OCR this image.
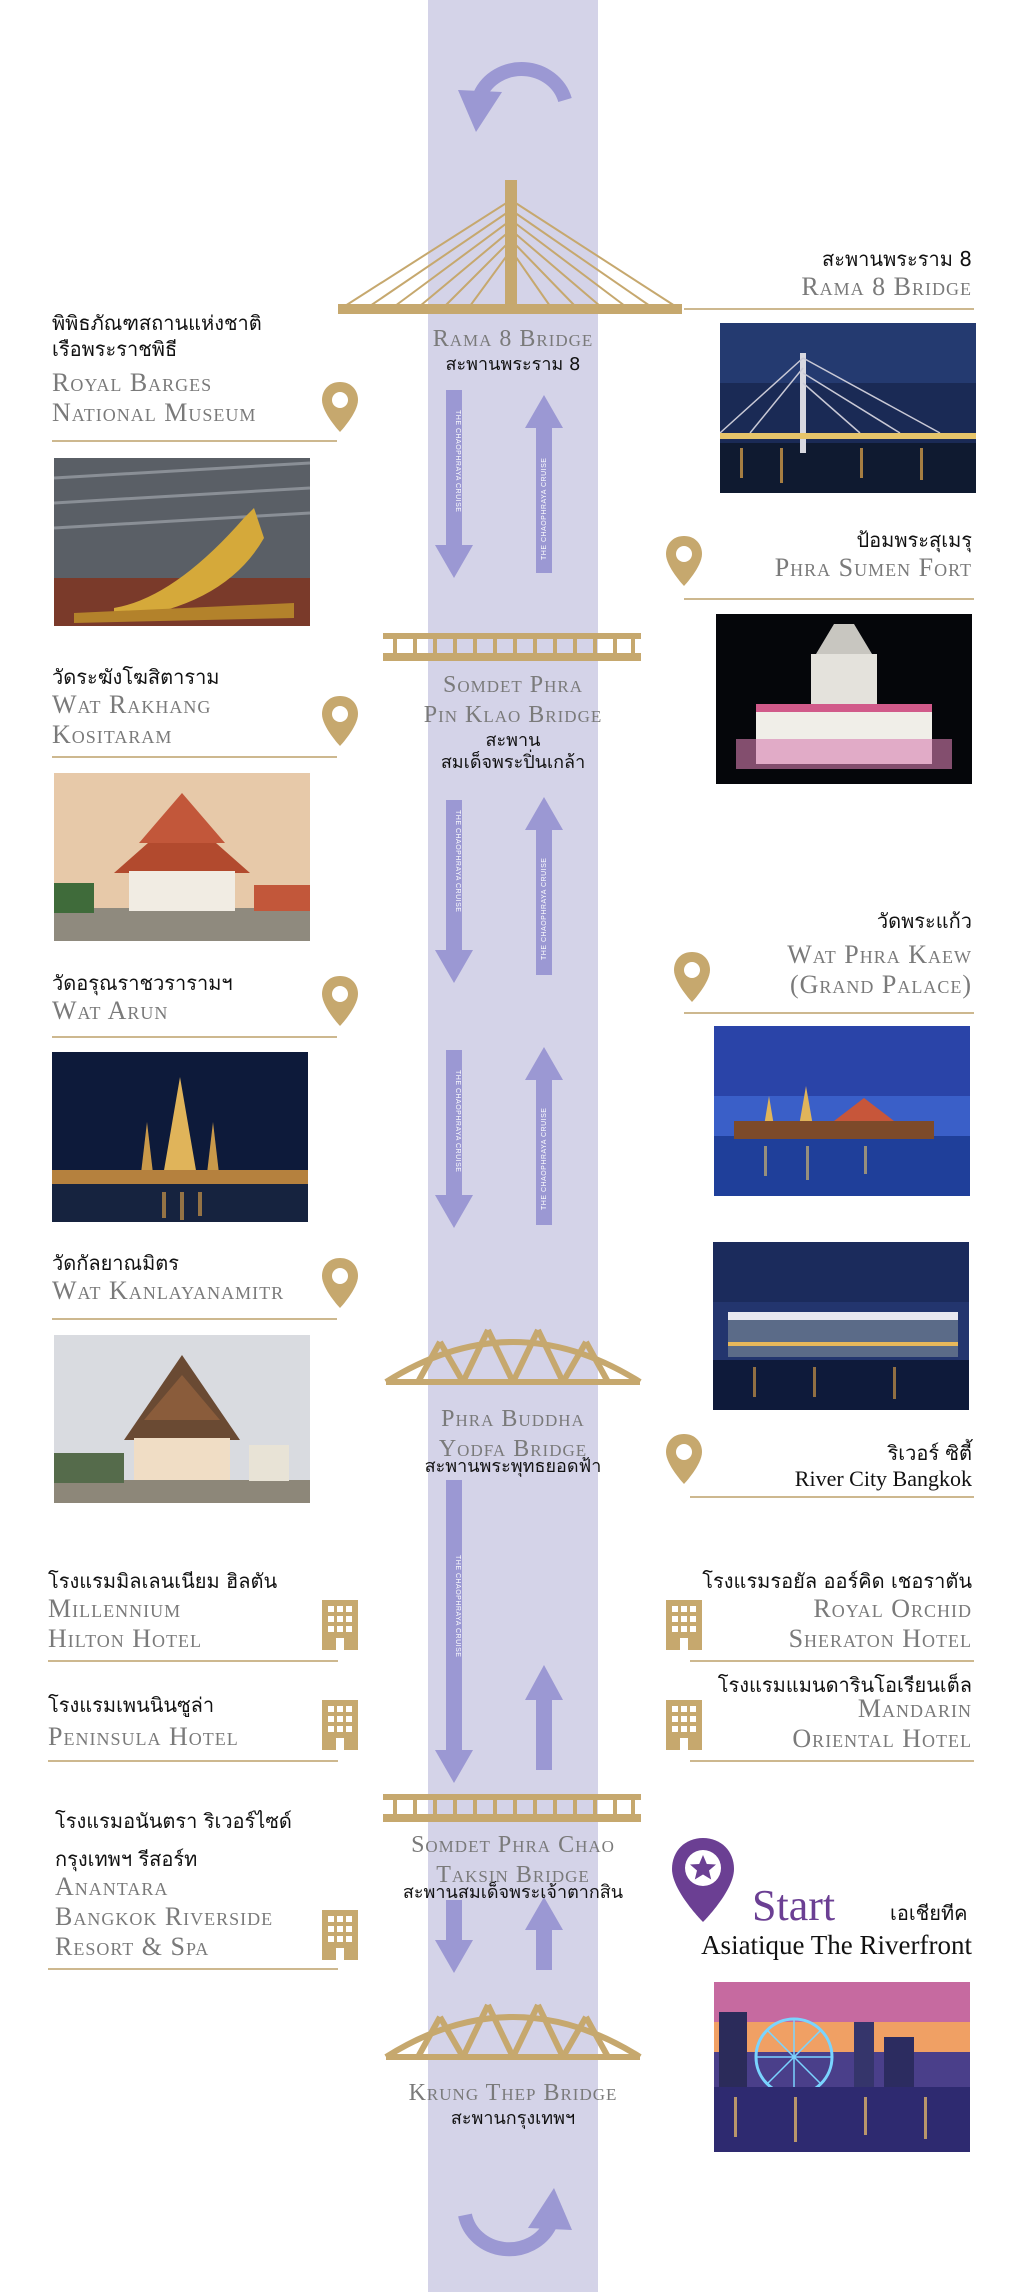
THE CHAOPHRAYA CRUISE	THE CHAOPHRAYA CRUISE
THE CHAOPHRAYA CRUISE	THE CHAOPHRAYA CRUISE
THE CHAOPHRAYA CRUISE	THE CHAOPHRAYA CRUISE
THE CHAOPHRAYA CRUISE
Rama 8 Bridge
สะพานพระราม 8
Somdet Phra
Pin Klao Bridge
สะพาน
สมเด็จพระปิ่นเกล้า
Phra Buddha
Yodfa Bridge
สะพานพระพุทธยอดฟ้า
Somdet Phra Chao
Taksin Bridge
สะพานสมเด็จพระเจ้าตากสิน
Krung Thep Bridge
สะพานกรุงเทพฯ
พิพิธภัณฑสถานแห่งชาติ
เรือพระราชพิธี
Royal Barges
National Museum
วัดระฆังโฆสิตาราม
Wat Rakhang
Kositaram
วัดอรุณราชวรารามฯ
Wat Arun
วัดกัลยาณมิตร
Wat Kanlayanamitr
โรงแรมมิลเลนเนียม ฮิลตัน
Millennium
Hilton Hotel
โรงแรมเพนนินซูล่า
Peninsula Hotel
โรงแรมอนันตรา ริเวอร์ไซด์
กรุงเทพฯ รีสอร์ท
Anantara
Bangkok Riverside
Resort & Spa
สะพานพระราม 8
Rama 8 Bridge
ป้อมพระสุเมรุ
Phra Sumen Fort
วัดพระแก้ว
Wat Phra Kaew
(Grand Palace)
ริเวอร์ ซิตี้
River City Bangkok
โรงแรมรอยัล ออร์คิด เชอราตัน
Royal Orchid
Sheraton Hotel
โรงแรมแมนดารินโอเรียนเต็ล
Mandarin
Oriental Hotel
Start	เอเชียทีค
Asiatique The Riverfront
